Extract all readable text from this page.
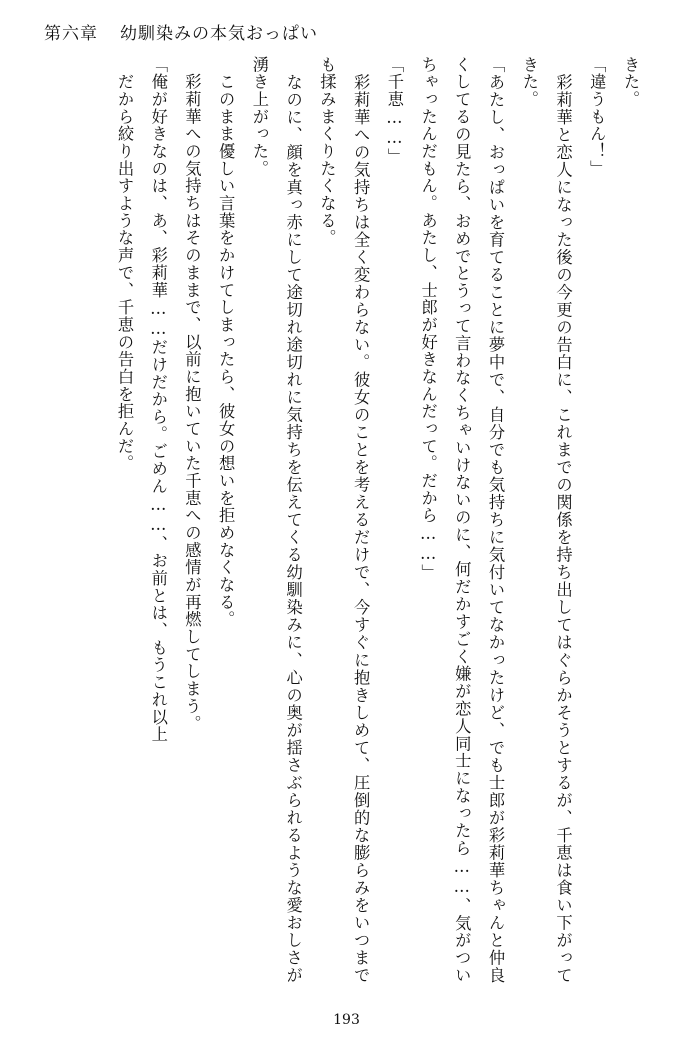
第六章 幼馴染みの本気おっぱい

きた。

「違うもん！」

　彩莉華と恋人になった後の今更の告白に、これまでの関係を持ち出してはぐらかそうとするが、千恵は食い下がってきた。

「あたし、おっぱいを育てることに夢中で、自分でも気持ちに気付いてなかったけど、でも士郎が彩莉華ちゃんと仲良くしてるの見たら、おめでとうって言わなくちゃいけないのに、何だかすごく嫌が恋人同士になったら……、気がついちゃったんだもん。あたし、士郎が好きなんだって。だから……」

「千恵……」

　彩莉華への気持ちは全く変わらない。彼女のことを考えるだけで、今すぐに抱きしめて、圧倒的な膨らみをいつまでも揉みまくりたくなる。

　なのに、顔を真っ赤にして途切れ途切れに気持ちを伝えてくる幼馴染みに、心の奥が揺さぶられるような愛おしさが湧き上がった。

　このまま優しい言葉をかけてしまったら、彼女の想いを拒めなくなる。

　彩莉華への気持ちはそのままで、以前に抱いていた千恵への感情が再燃してしまう。

「俺が好きなのは、あ、彩莉華……だけだから。ごめん……、お前とは、もうこれ以上

　だから絞り出すような声で、千恵の告白を拒んだ。

193
